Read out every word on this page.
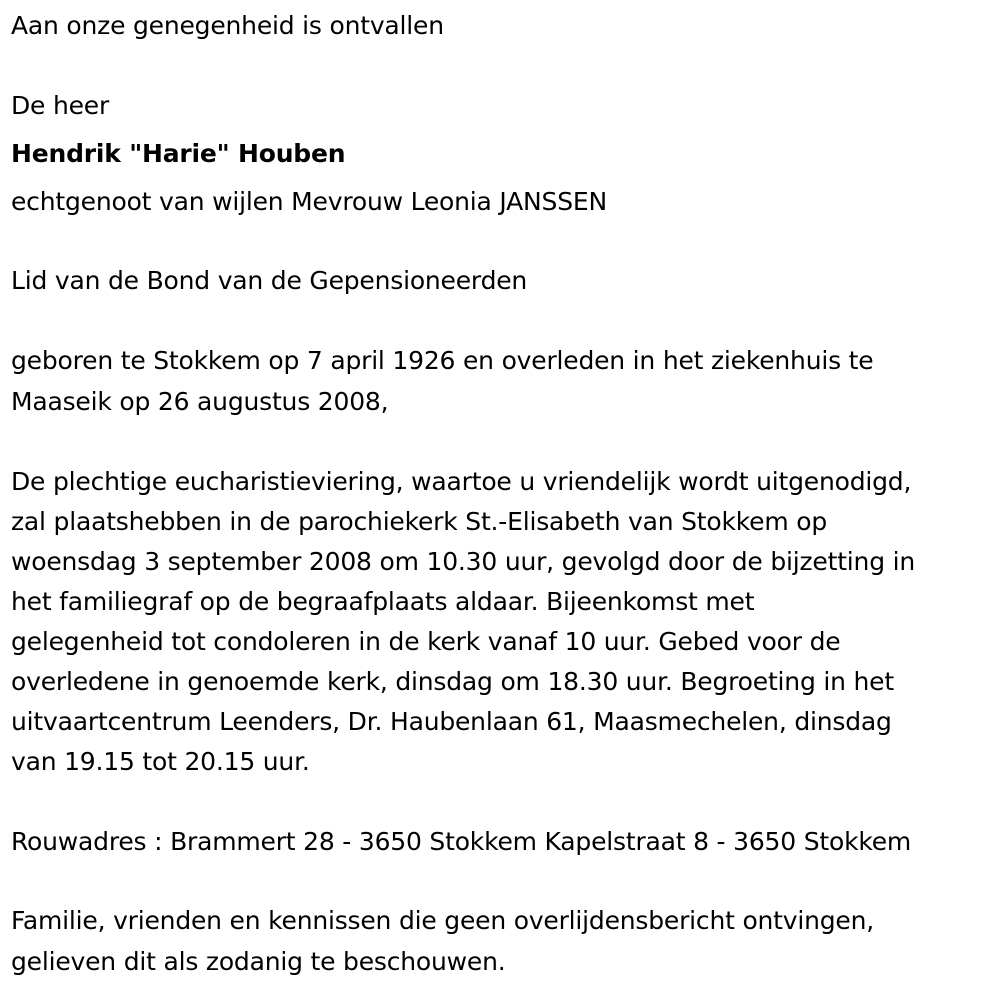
Aan onze genegenheid is ontvallen
De heer
Hendrik "Harie" Houben
echtgenoot van wijlen Mevrouw Leonia JANSSEN
Lid van de Bond van de Gepensioneerden
geboren te Stokkem op 7 april 1926 en overleden in het ziekenhuis te
Maaseik op 26 augustus 2008,
De plechtige eucharistieviering, waartoe u vriendelijk wordt uitgenodigd,
zal plaatshebben in de parochiekerk St.-Elisabeth van Stokkem op
woensdag 3 september 2008 om 10.30 uur, gevolgd door de bijzetting in
het familiegraf op de begraafplaats aldaar. Bijeenkomst met
gelegenheid tot condoleren in de kerk vanaf 10 uur. Gebed voor de
overledene in genoemde kerk, dinsdag om 18.30 uur. Begroeting in het
uitvaartcentrum Leenders, Dr. Haubenlaan 61, Maasmechelen, dinsdag
van 19.15 tot 20.15 uur.
Rouwadres : Brammert 28 - 3650 Stokkem Kapelstraat 8 - 3650 Stokkem
Familie, vrienden en kennissen die geen overlijdensbericht ontvingen,
gelieven dit als zodanig te beschouwen.
